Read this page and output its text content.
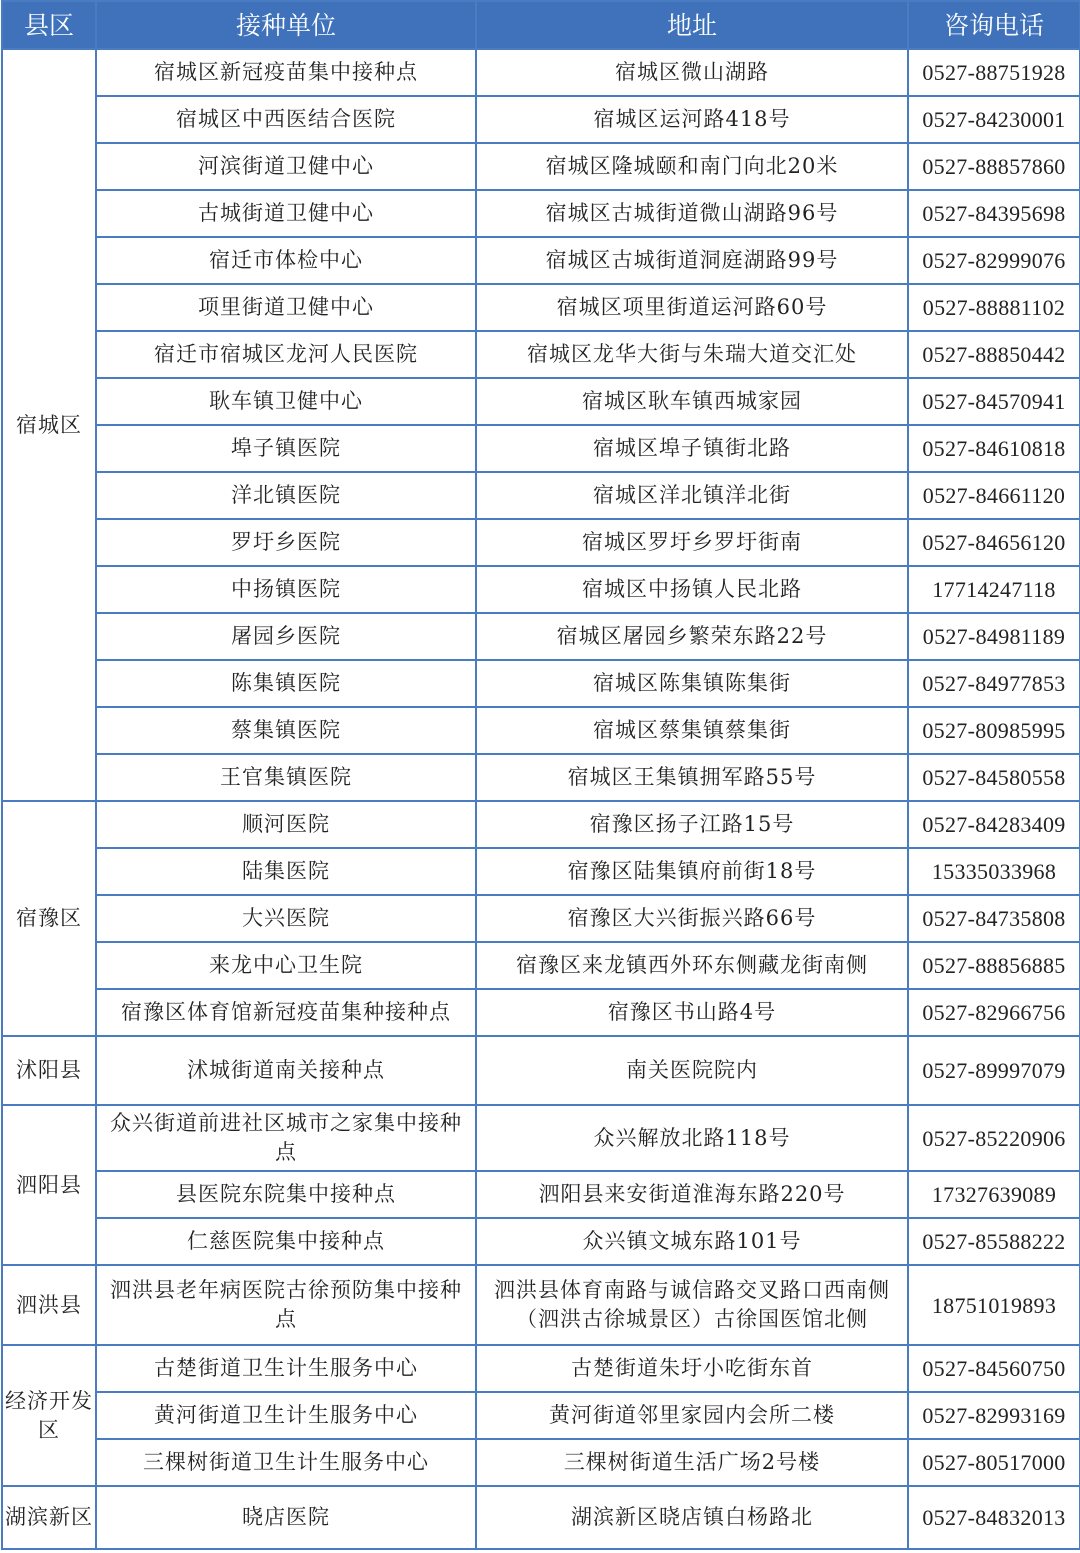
县区	接种单位	地址	咨询电话
宿城区	宿城区新冠疫苗集中接种点	宿城区微山湖路	0527-88751928
	宿城区中西医结合医院	宿城区运河路418号	0527-84230001
	河滨街道卫健中心	宿城区隆城颐和南门向北20米	0527-88857860
	古城街道卫健中心	宿城区古城街道微山湖路96号	0527-84395698
	宿迁市体检中心	宿城区古城街道洞庭湖路99号	0527-82999076
	项里街道卫健中心	宿城区项里街道运河路60号	0527-88881102
	宿迁市宿城区龙河人民医院	宿城区龙华大街与朱瑞大道交汇处	0527-88850442
	耿车镇卫健中心	宿城区耿车镇西城家园	0527-84570941
	埠子镇医院	宿城区埠子镇街北路	0527-84610818
	洋北镇医院	宿城区洋北镇洋北街	0527-84661120
	罗圩乡医院	宿城区罗圩乡罗圩街南	0527-84656120
	中扬镇医院	宿城区中扬镇人民北路	17714247118
	屠园乡医院	宿城区屠园乡繁荣东路22号	0527-84981189
	陈集镇医院	宿城区陈集镇陈集街	0527-84977853
	蔡集镇医院	宿城区蔡集镇蔡集街	0527-80985995
	王官集镇医院	宿城区王集镇拥军路55号	0527-84580558
宿豫区	顺河医院	宿豫区扬子江路15号	0527-84283409
	陆集医院	宿豫区陆集镇府前街18号	15335033968
	大兴医院	宿豫区大兴街振兴路66号	0527-84735808
	来龙中心卫生院	宿豫区来龙镇西外环东侧藏龙街南侧	0527-88856885
	宿豫区体育馆新冠疫苗集种接种点	宿豫区书山路4号	0527-82966756
沭阳县	沭城街道南关接种点	南关医院院内	0527-89997079
泗阳县	众兴街道前进社区城市之家集中接种点	众兴解放北路118号	0527-85220906
	县医院东院集中接种点	泗阳县来安街道淮海东路220号	17327639089
	仁慈医院集中接种点	众兴镇文城东路101号	0527-85588222
泗洪县	泗洪县老年病医院古徐预防集中接种点	泗洪县体育南路与诚信路交叉路口西南侧（泗洪古徐城景区）古徐国医馆北侧	18751019893
经济开发区	古楚街道卫生计生服务中心	古楚街道朱圩小吃街东首	0527-84560750
	黄河街道卫生计生服务中心	黄河街道邻里家园内会所二楼	0527-82993169
	三棵树街道卫生计生服务中心	三棵树街道生活广场2号楼	0527-80517000
湖滨新区	晓店医院	湖滨新区晓店镇白杨路北	0527-84832013
